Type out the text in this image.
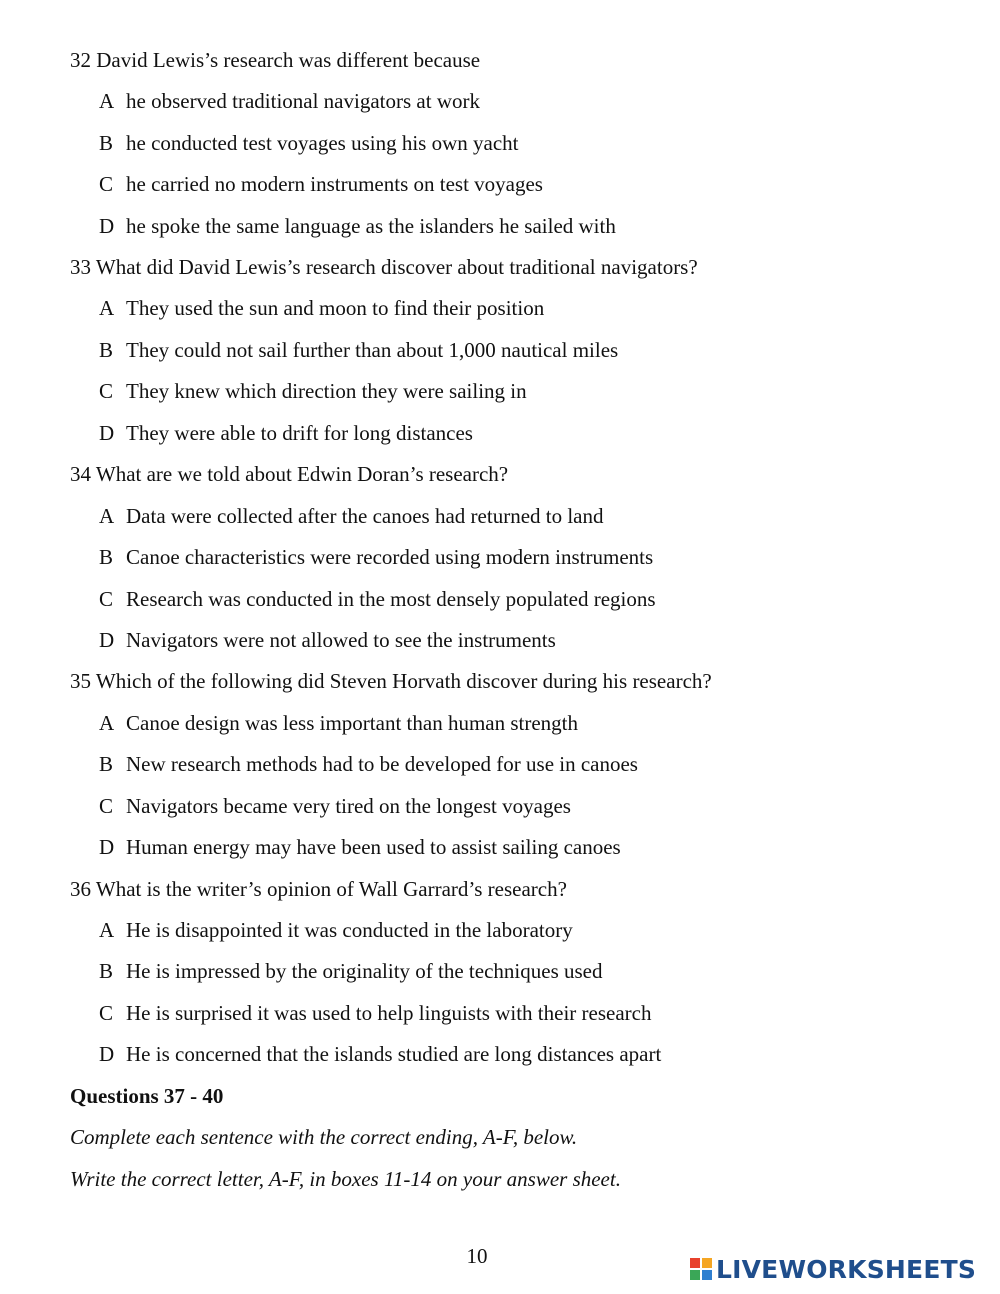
32 David Lewis’s research was different because
A he observed traditional navigators at work
B he conducted test voyages using his own yacht
C he carried no modern instruments on test voyages
D he spoke the same language as the islanders he sailed with
33 What did David Lewis’s research discover about traditional navigators?
A They used the sun and moon to find their position
B They could not sail further than about 1,000 nautical miles
C They knew which direction they were sailing in
D They were able to drift for long distances
34 What are we told about Edwin Doran’s research?
A Data were collected after the canoes had returned to land
B Canoe characteristics were recorded using modern instruments
C Research was conducted in the most densely populated regions
D Navigators were not allowed to see the instruments
35 Which of the following did Steven Horvath discover during his research?
A Canoe design was less important than human strength
B New research methods had to be developed for use in canoes
C Navigators became very tired on the longest voyages
D Human energy may have been used to assist sailing canoes
36 What is the writer’s opinion of Wall Garrard’s research?
A He is disappointed it was conducted in the laboratory
B He is impressed by the originality of the techniques used
C He is surprised it was used to help linguists with their research
D He is concerned that the islands studied are long distances apart
Questions 37 - 40
Complete each sentence with the correct ending, A-F, below.
Write the correct letter, A-F, in boxes 11-14 on your answer sheet.
10	LIVEWORKSHEETS
